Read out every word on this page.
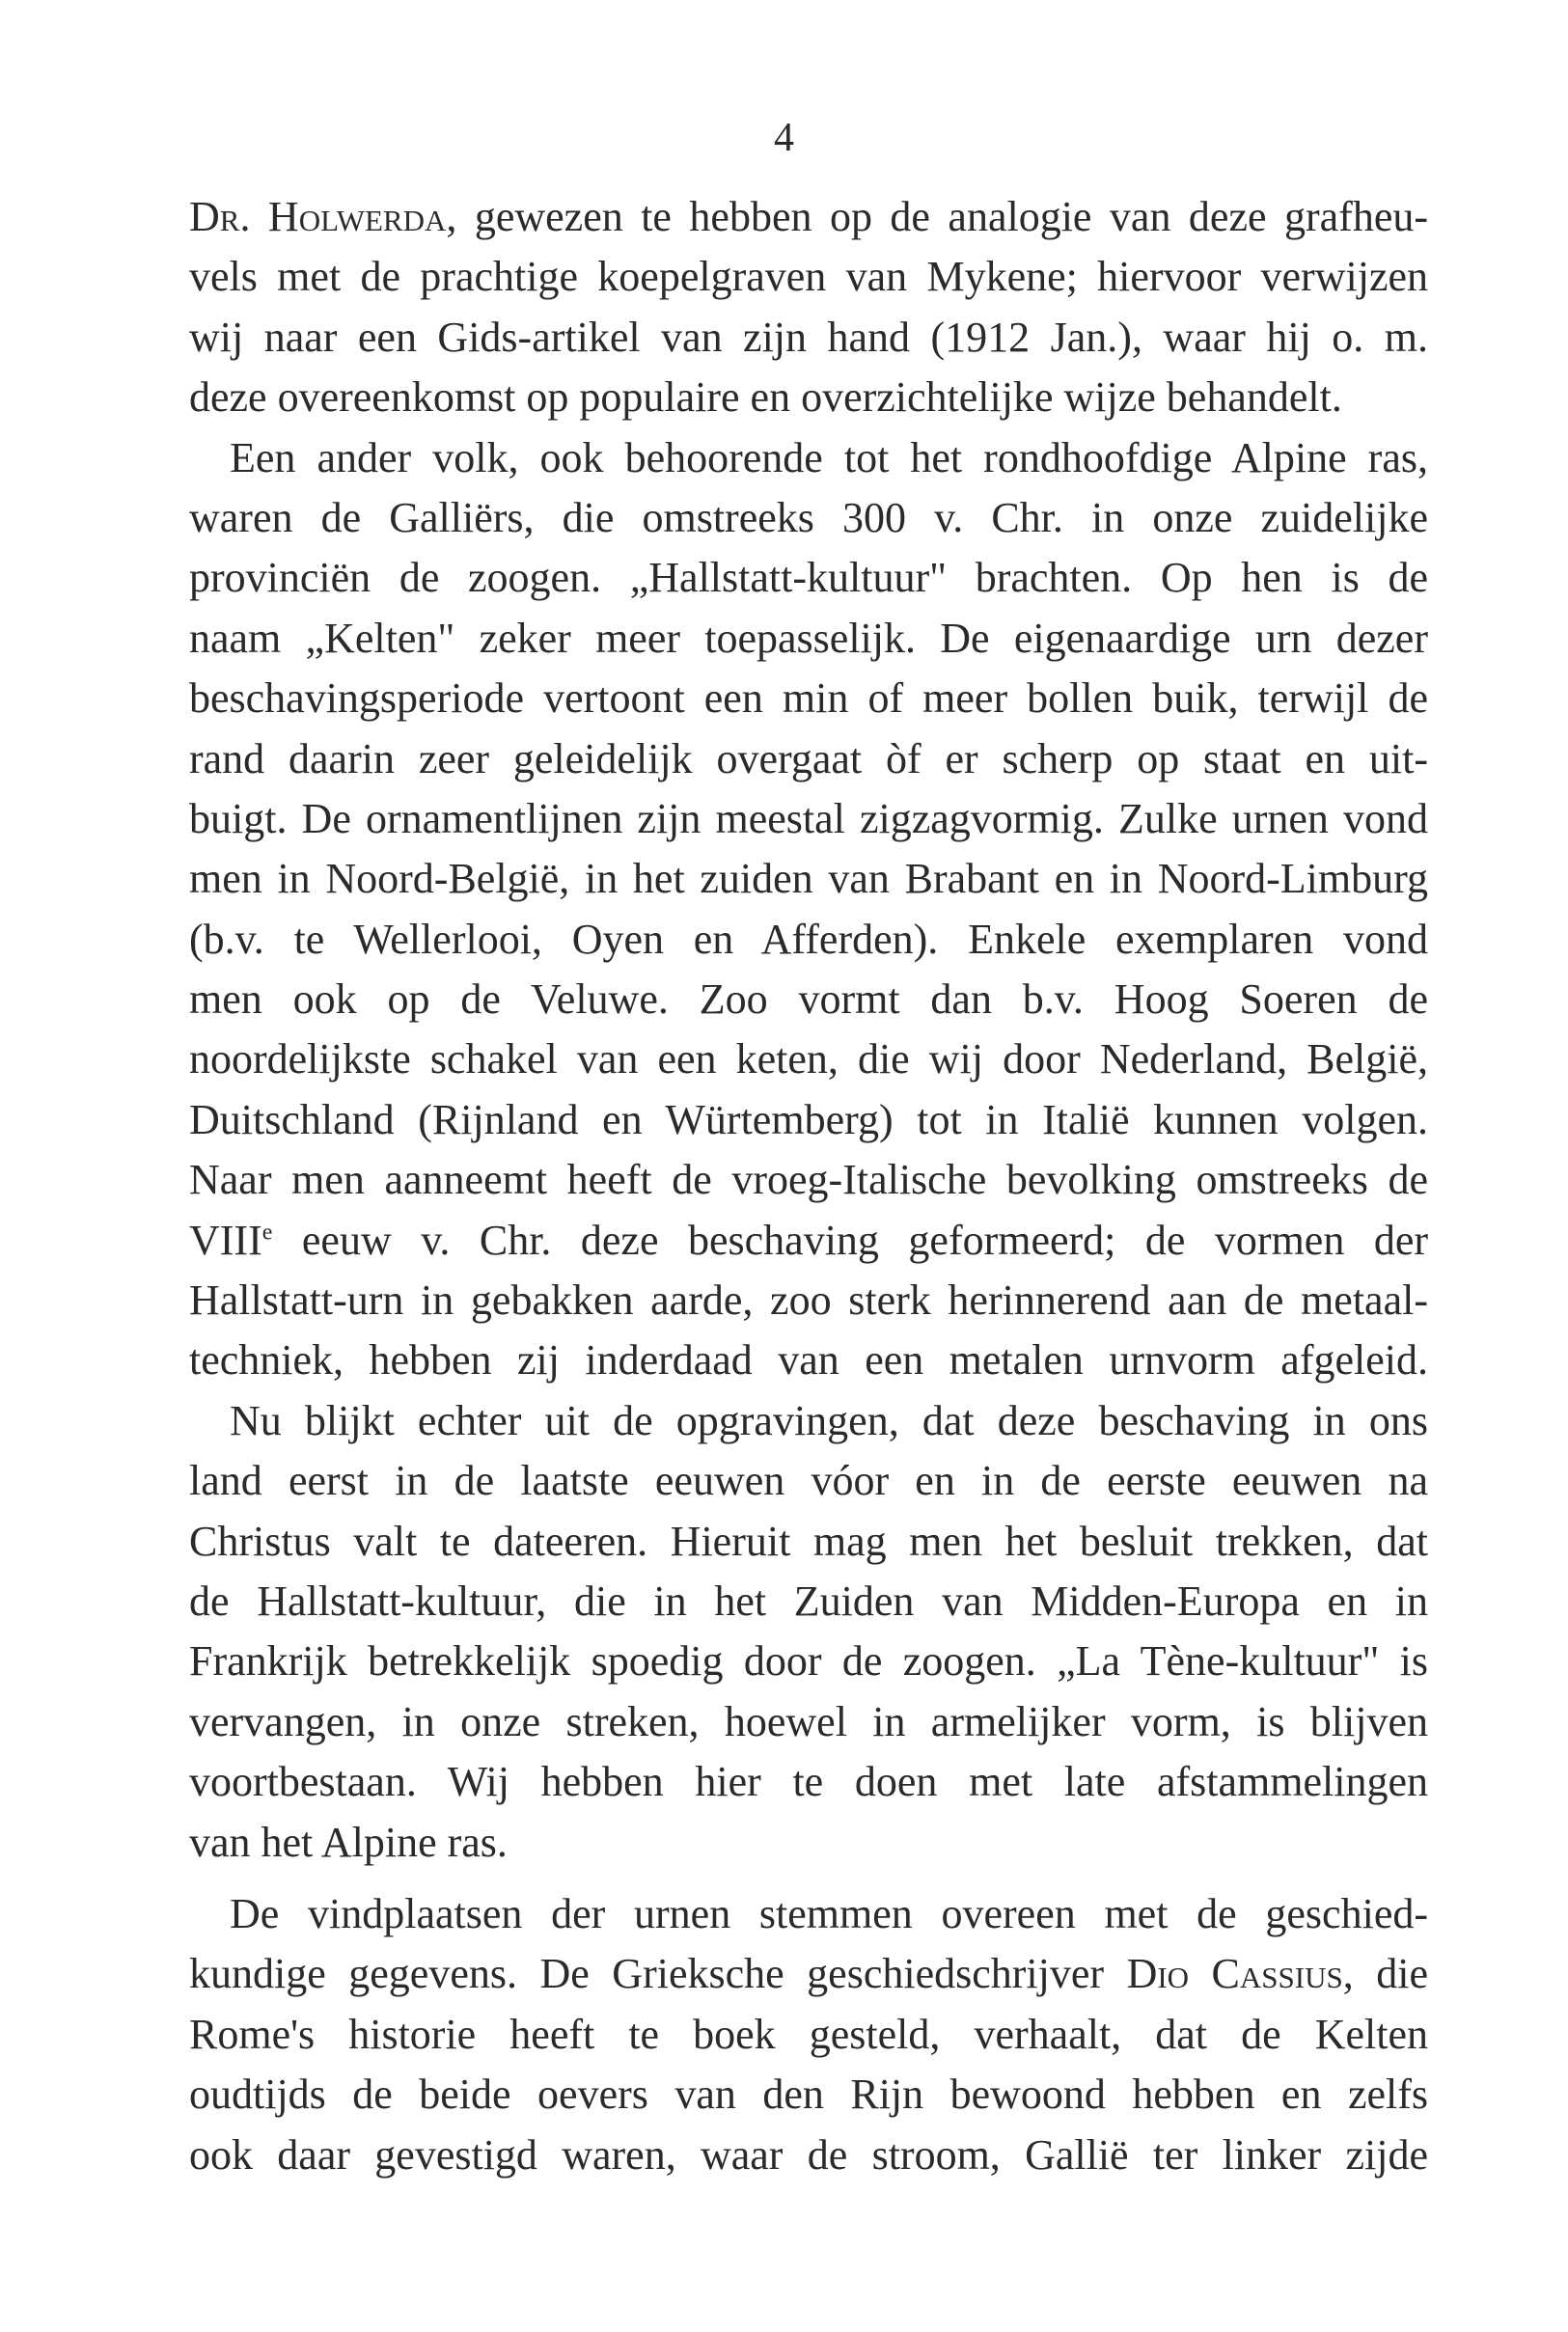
4
Dr. Holwerda, gewezen te hebben op de analogie van deze grafheu-
vels met de prachtige koepelgraven van Mykene; hiervoor verwijzen
wij naar een Gids-artikel van zijn hand (1912 Jan.), waar hij o. m.
deze overeenkomst op populaire en overzichtelijke wijze behandelt.
Een ander volk, ook behoorende tot het rondhoofdige Alpine ras,
waren de Galliërs, die omstreeks 300 v. Chr. in onze zuidelijke
provinciën de zoogen. „Hallstatt-kultuur" brachten. Op hen is de
naam „Kelten" zeker meer toepasselijk. De eigenaardige urn dezer
beschavingsperiode vertoont een min of meer bollen buik, terwijl de
rand daarin zeer geleidelijk overgaat òf er scherp op staat en uit-
buigt. De ornamentlijnen zijn meestal zigzagvormig. Zulke urnen vond
men in Noord-België, in het zuiden van Brabant en in Noord-Limburg
(b.v. te Wellerlooi, Oyen en Afferden). Enkele exemplaren vond
men ook op de Veluwe. Zoo vormt dan b.v. Hoog Soeren de
noordelijkste schakel van een keten, die wij door Nederland, België,
Duitschland (Rijnland en Würtemberg) tot in Italië kunnen volgen.
Naar men aanneemt heeft de vroeg-Italische bevolking omstreeks de
VIIIe eeuw v. Chr. deze beschaving geformeerd; de vormen der
Hallstatt-urn in gebakken aarde, zoo sterk herinnerend aan de metaal-
techniek, hebben zij inderdaad van een metalen urnvorm afgeleid.
Nu blijkt echter uit de opgravingen, dat deze beschaving in ons
land eerst in de laatste eeuwen vóor en in de eerste eeuwen na
Christus valt te dateeren. Hieruit mag men het besluit trekken, dat
de Hallstatt-kultuur, die in het Zuiden van Midden-Europa en in
Frankrijk betrekkelijk spoedig door de zoogen. „La Tène-kultuur" is
vervangen, in onze streken, hoewel in armelijker vorm, is blijven
voortbestaan. Wij hebben hier te doen met late afstammelingen
van het Alpine ras.
De vindplaatsen der urnen stemmen overeen met de geschied-
kundige gegevens. De Grieksche geschiedschrijver Dio Cassius, die
Rome's historie heeft te boek gesteld, verhaalt, dat de Kelten
oudtijds de beide oevers van den Rijn bewoond hebben en zelfs
ook daar gevestigd waren, waar de stroom, Gallië ter linker zijde
